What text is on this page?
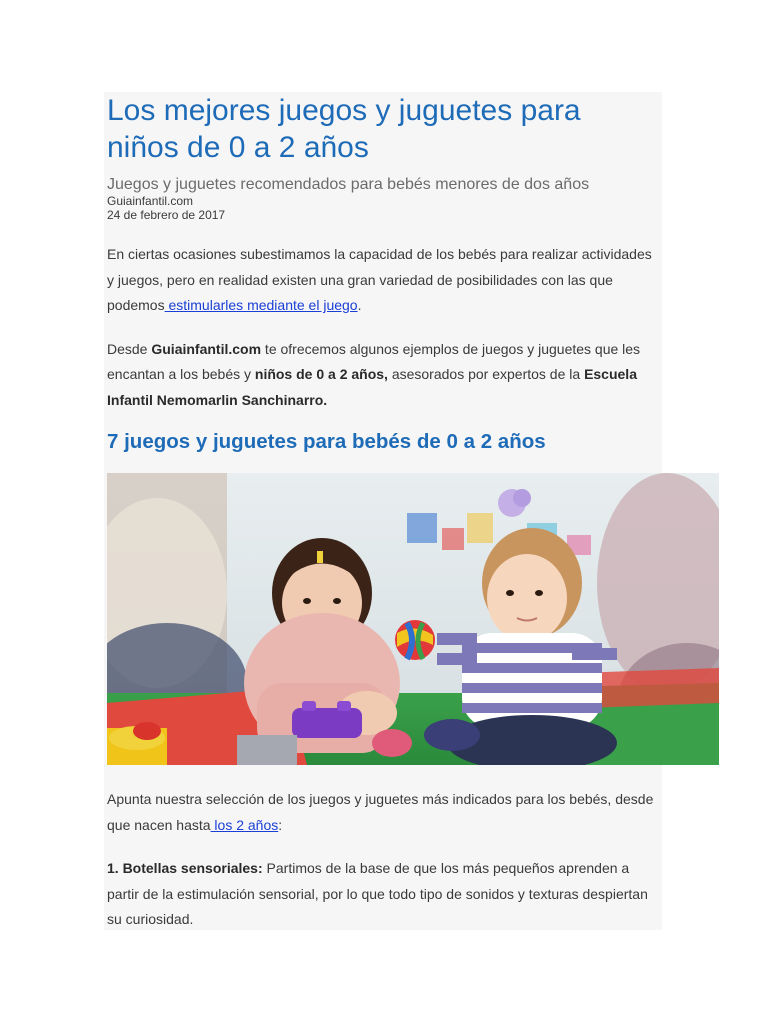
Los mejores juegos y juguetes para niños de 0 a 2 años

Juegos y juguetes recomendados para bebés menores de dos años

Guiainfantil.com

24 de febrero de 2017

En ciertas ocasiones subestimamos la capacidad de los bebés para realizar actividades y juegos, pero en realidad existen una gran variedad de posibilidades con las que podemos estimularles mediante el juego.

Desde Guiainfantil.com te ofrecemos algunos ejemplos de juegos y juguetes que les encantan a los bebés y niños de 0 a 2 años, asesorados por expertos de la Escuela Infantil Nemomarlin Sanchinarro.

7 juegos y juguetes para bebés de 0 a 2 años

Apunta nuestra selección de los juegos y juguetes más indicados para los bebés, desde que nacen hasta los 2 años:

1. Botellas sensoriales: Partimos de la base de que los más pequeños aprenden a partir de la estimulación sensorial, por lo que todo tipo de sonidos y texturas despiertan su curiosidad.
